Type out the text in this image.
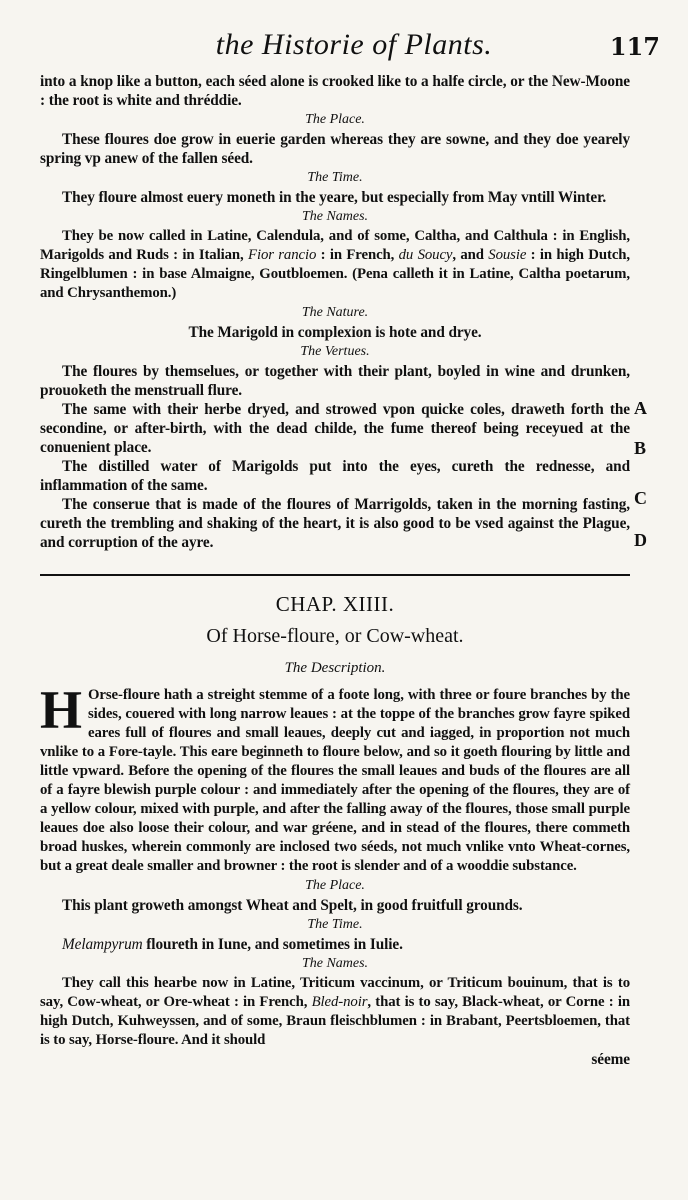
the Historie of Plants.	117
A
B
C
D

into a knop like a button, each séed alone is crooked like to a halfe circle, or the New-Moone : the root is white and thréddie.

The Place.

These floures doe grow in euerie garden whereas they are sowne, and they doe yearely spring vp anew of the fallen séed.

The Time.

They floure almost euery moneth in the yeare, but especially from May vntill Winter.

The Names.

They be now called in Latine, Calendula, and of some, Caltha, and Calthula : in English, Marigolds and Ruds : in Italian, Fior rancio : in French, du Soucy, and Sousie : in high Dutch, Ringelblumen : in base Almaigne, Goutbloemen. (Pena calleth it in Latine, Caltha poetarum, and Chrysanthemon.)

The Nature.

The Marigold in complexion is hote and drye.

The Vertues.

The floures by themselues, or together with their plant, boyled in wine and drunken, prouoketh the menstruall flure.

The same with their herbe dryed, and strowed vpon quicke coles, draweth forth the secondine, or after-birth, with the dead childe, the fume thereof being receyued at the conuenient place.

The distilled water of Marigolds put into the eyes, cureth the rednesse, and inflammation of the same.

The conserue that is made of the floures of Marrigolds, taken in the morning fasting, cureth the trembling and shaking of the heart, it is also good to be vsed against the Plague, and corruption of the ayre.

CHAP. XIIII.

Of Horse-floure, or Cow-wheat.

The Description.

H Orse-floure hath a streight stemme of a foote long, with three or foure branches by the sides, couered with long narrow leaues : at the toppe of the branches grow fayre spiked eares full of floures and small leaues, deeply cut and iagged, in proportion not much vnlike to a Fore-tayle. This eare beginneth to floure below, and so it goeth flouring by little and little vpward. Before the opening of the floures the small leaues and buds of the floures are all of a fayre blewish purple colour : and immediately after the opening of the floures, they are of a yellow colour, mixed with purple, and after the falling away of the floures, those small purple leaues doe also loose their colour, and war gréene, and in stead of the floures, there commeth broad huskes, wherein commonly are inclosed two séeds, not much vnlike vnto Wheat-cornes, but a great deale smaller and browner : the root is slender and of a wooddie substance.

The Place.

This plant groweth amongst Wheat and Spelt, in good fruitfull grounds.

The Time.

Melampyrum floureth in Iune, and sometimes in Iulie.

The Names.

They call this hearbe now in Latine, Triticum vaccinum, or Triticum bouinum, that is to say, Cow-wheat, or Ore-wheat : in French, Bled-noir, that is to say, Black-wheat, or Corne : in high Dutch, Kuhweyssen, and of some, Braun fleischblumen : in Brabant, Peertsbloemen, that is to say, Horse-floure. And it should

séeme
